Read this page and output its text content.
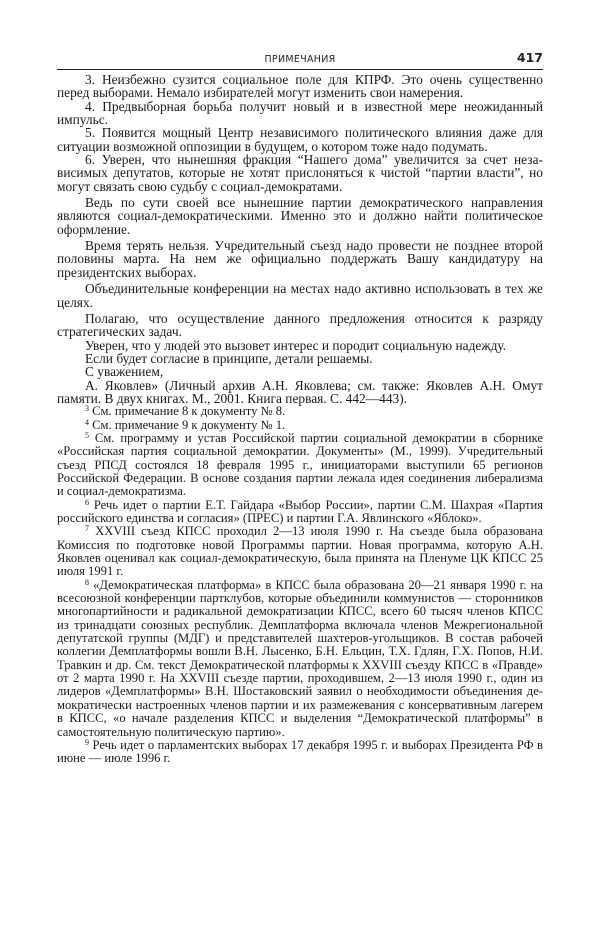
ПРИМЕЧАНИЯ	417

3. Неизбежно сузится социальное поле для КПРФ. Это очень существенно перед выборами. Немало избирателей могут изменить свои намерения.

4. Предвыборная борьба получит новый и в известной мере неожиданный импульс.

5. Появится мощный Центр независимого политического влияния даже для ситуации возможной оппозиции в будущем, о котором тоже надо подумать.

6. Уверен, что нынешняя фракция “Нашего дома” увеличится за счет независимых депутатов, которые не хотят прислоняться к чистой “партии власти”, но могут связать свою судьбу с социал-демократами.

Ведь по сути своей все нынешние партии демократического направления являются социал-демократическими. Именно это и должно найти политическое оформление.

Время терять нельзя. Учредительный съезд надо провести не позднее второй половины марта. На нем же официально поддержать Вашу кандидатуру на президентских выборах.

Объединительные конференции на местах надо активно использовать в тех же целях.

Полагаю, что осуществление данного предложения относится к разряду стратегических задач.

Уверен, что у людей это вызовет интерес и породит социальную надежду.

Если будет согласие в принципе, детали решаемы.

С уважением,

А. Яковлев» (Личный архив А.Н. Яковлева; см. также: Яковлев А.Н. Омут памяти. В двух книгах. М., 2001. Книга первая. С. 442—443).

$^3$ См. примечание 8 к документу № 8.

$^4$ См. примечание 9 к документу № 1.

$^5$ См. программу и устав Российской партии социальной демократии в сборнике «Российская партия социальной демократии. Документы» (М., 1999). Учредительный съезд РПСД состоялся 18 февраля 1995 г., инициаторами выступили 65 регионов Российской Федерации. В основе создания партии лежала идея соединения либерализма и социал-демократизма.

$^6$ Речь идет о партии Е.Т. Гайдара «Выбор России», партии С.М. Шахрая «Партия российского единства и согласия» (ПРЕС) и партии Г.А. Явлинского «Яблоко».

$^7$ XXVIII съезд КПСС проходил 2—13 июля 1990 г. На съезде была образована Комиссия по подготовке новой Программы партии. Новая программа, которую А.Н. Яковлев оценивал как социал-демократическую, была принята на Пленуме ЦК КПСС 25 июля 1991 г.

$^8$ «Демократическая платформа» в КПСС была образована 20—21 января 1990 г. на всесоюзной конференции партклубов, которые объединили коммунистов — сторонников многопартийности и радикальной демократизации КПСС, всего 60 тысяч членов КПСС из тринадцати союзных республик. Демплатформа включала членов Межрегиональной депутатской группы (МДГ) и представителей шахтеров-угольщиков. В состав рабочей коллегии Демплатформы вошли В.Н. Лысенко, Б.Н. Ельцин, Т.Х. Гдлян, Г.Х. Попов, Н.И. Травкин и др. См. текст Демократической платформы к XXVIII съезду КПСС в «Правде» от 2 марта 1990 г. На XXVIII съезде партии, проходившем, 2—13 июля 1990 г., один из лидеров «Демплатформы» В.Н. Шостаковский заявил о необходимости объединения демократически настроенных членов партии и их размежевания с консервативным лагерем в КПСС, «о начале разделения КПСС и выделения “Демократической платформы” в самостоятельную политическую партию».

$^9$ Речь идет о парламентских выборах 17 декабря 1995 г. и выборах Президента РФ в июне — июле 1996 г.
